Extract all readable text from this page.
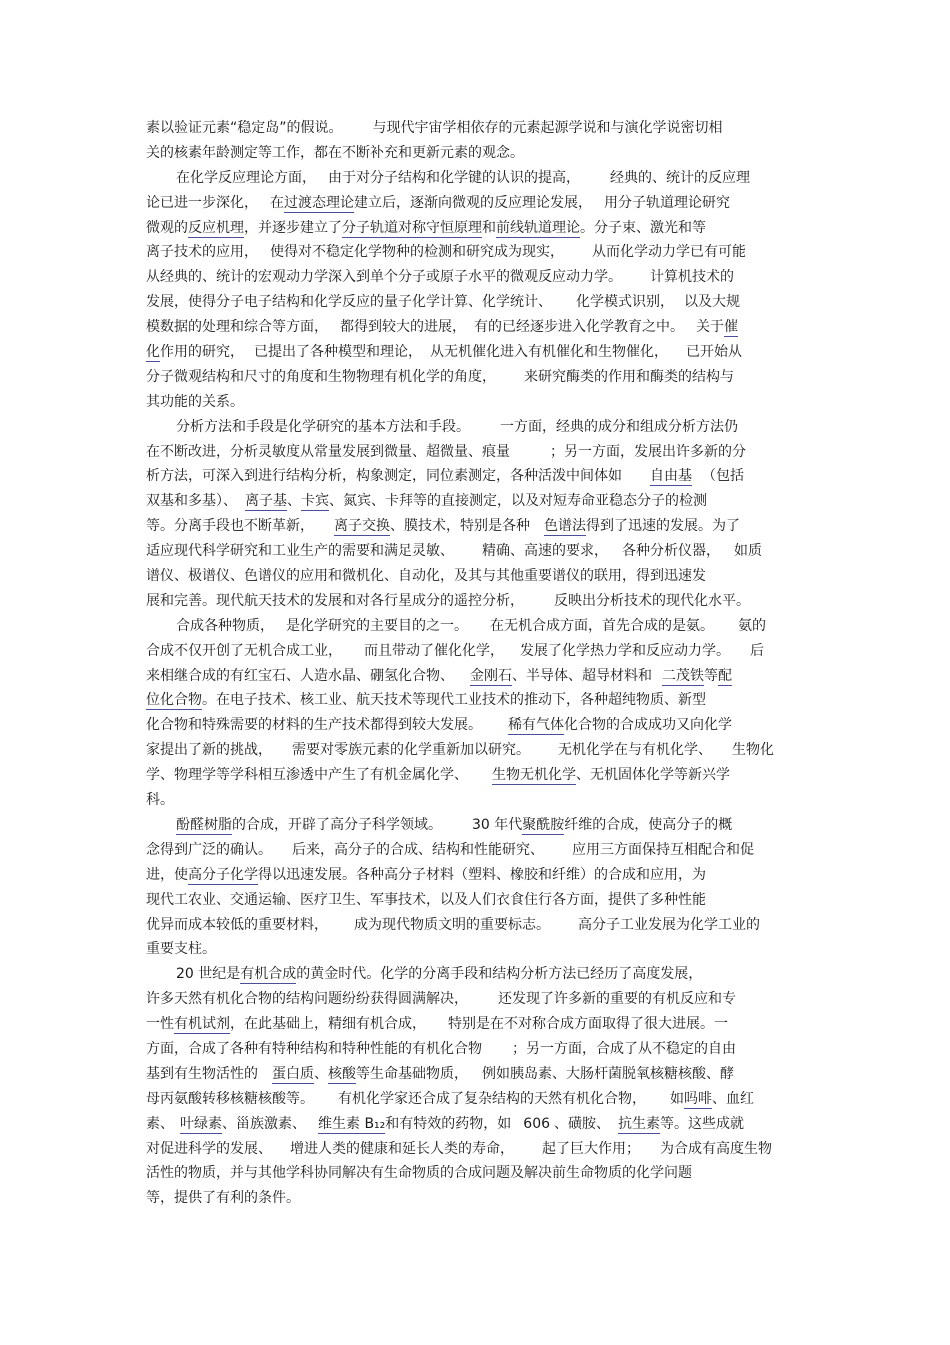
素以验证元素“稳定岛”的假说。 与现代宇宙学相依存的元素起源学说和与演化学说密切相
关的核素年龄测定等工作，都在不断补充和更新元素的观念。

在化学反应理论方面， 由于对分子结构和化学键的认识的提高， 经典的、统计的反应理
论已进一步深化， 在过渡态理论建立后，逐渐向微观的反应理论发展， 用分子轨道理论研究
微观的反应机理，并逐步建立了分子轨道对称守恒原理和前线轨道理论。分子束、激光和等
离子技术的应用， 使得对不稳定化学物种的检测和研究成为现实， 从而化学动力学已有可能
从经典的、统计的宏观动力学深入到单个分子或原子水平的微观反应动力学。 计算机技术的
发展，使得分子电子结构和化学反应的量子化学计算、化学统计、 化学模式识别， 以及大规
模数据的处理和综合等方面， 都得到较大的进展， 有的已经逐步进入化学教育之中。 关于催
化作用的研究， 已提出了各种模型和理论， 从无机催化进入有机催化和生物催化， 已开始从
分子微观结构和尺寸的角度和生物物理有机化学的角度， 来研究酶类的作用和酶类的结构与
其功能的关系。

分析方法和手段是化学研究的基本方法和手段。 一方面，经典的成分和组成分析方法仍
在不断改进，分析灵敏度从常量发展到微量、超微量、痕量	；另一方面，发展出许多新的分
析方法，可深入到进行结构分析，构象测定，同位素测定，各种活泼中间体如 自由基 （包括
双基和多基）、 离子基、卡宾、氮宾、卡拜等的直接测定，以及对短寿命亚稳态分子的检测
等。分离手段也不断革新， 离子交换、膜技术，特别是各种 色谱法得到了迅速的发展。为了
适应现代科学研究和工业生产的需要和满足灵敏、 精确、高速的要求， 各种分析仪器， 如质
谱仪、极谱仪、色谱仪的应用和微机化、自动化，及其与其他重要谱仪的联用，得到迅速发
展和完善。现代航天技术的发展和对各行星成分的遥控分析， 反映出分析技术的现代化水平。

合成各种物质， 是化学研究的主要目的之一。 在无机合成方面，首先合成的是氨。 氨的
合成不仅开创了无机合成工业， 而且带动了催化化学， 发展了化学热力学和反应动力学。 后
来相继合成的有红宝石、人造水晶、硼氢化合物、 金刚石、半导体、超导材料和 二茂铁等配
位化合物。在电子技术、核工业、航天技术等现代工业技术的推动下，各种超纯物质、新型
化合物和特殊需要的材料的生产技术都得到较大发展。 稀有气体化合物的合成成功又向化学
家提出了新的挑战， 需要对零族元素的化学重新加以研究。 无机化学在与有机化学、 生物化
学、物理学等学科相互渗透中产生了有机金属化学、 生物无机化学、无机固体化学等新兴学
科。

酚醛树脂的合成，开辟了高分子科学领域。 30 年代聚酰胺纤维的合成，使高分子的概
念得到广泛的确认。 后来，高分子的合成、结构和性能研究、 应用三方面保持互相配合和促
进，使高分子化学得以迅速发展。各种高分子材料（塑料、橡胶和纤维）的合成和应用，为
现代工农业、交通运输、医疗卫生、军事技术，以及人们衣食住行各方面，提供了多种性能
优异而成本较低的重要材料， 成为现代物质文明的重要标志。 高分子工业发展为化学工业的
重要支柱。

20 世纪是有机合成的黄金时代。化学的分离手段和结构分析方法已经历了高度发展，
许多天然有机化合物的结构问题纷纷获得圆满解决， 还发现了许多新的重要的有机反应和专
一性有机试剂，在此基础上，精细有机合成， 特别是在不对称合成方面取得了很大进展。一
方面，合成了各种有特种结构和特种性能的有机化合物 ；另一方面，合成了从不稳定的自由
基到有生物活性的 蛋白质、核酸等生命基础物质， 例如胰岛素、大肠杆菌脱氧核糖核酸、酵
母丙氨酸转移核糖核酸等。 有机化学家还合成了复杂结构的天然有机化合物， 如吗啡、血红
素、 叶绿素、甾族激素、 维生素 B₁₂和有特效的药物，如 606 、磺胺、 抗生素等。这些成就
对促进科学的发展、 增进人类的健康和延长人类的寿命， 起了巨大作用； 为合成有高度生物
活性的物质，并与其他学科协同解决有生命物质的合成问题及解决前生命物质的化学问题
等，提供了有利的条件。
